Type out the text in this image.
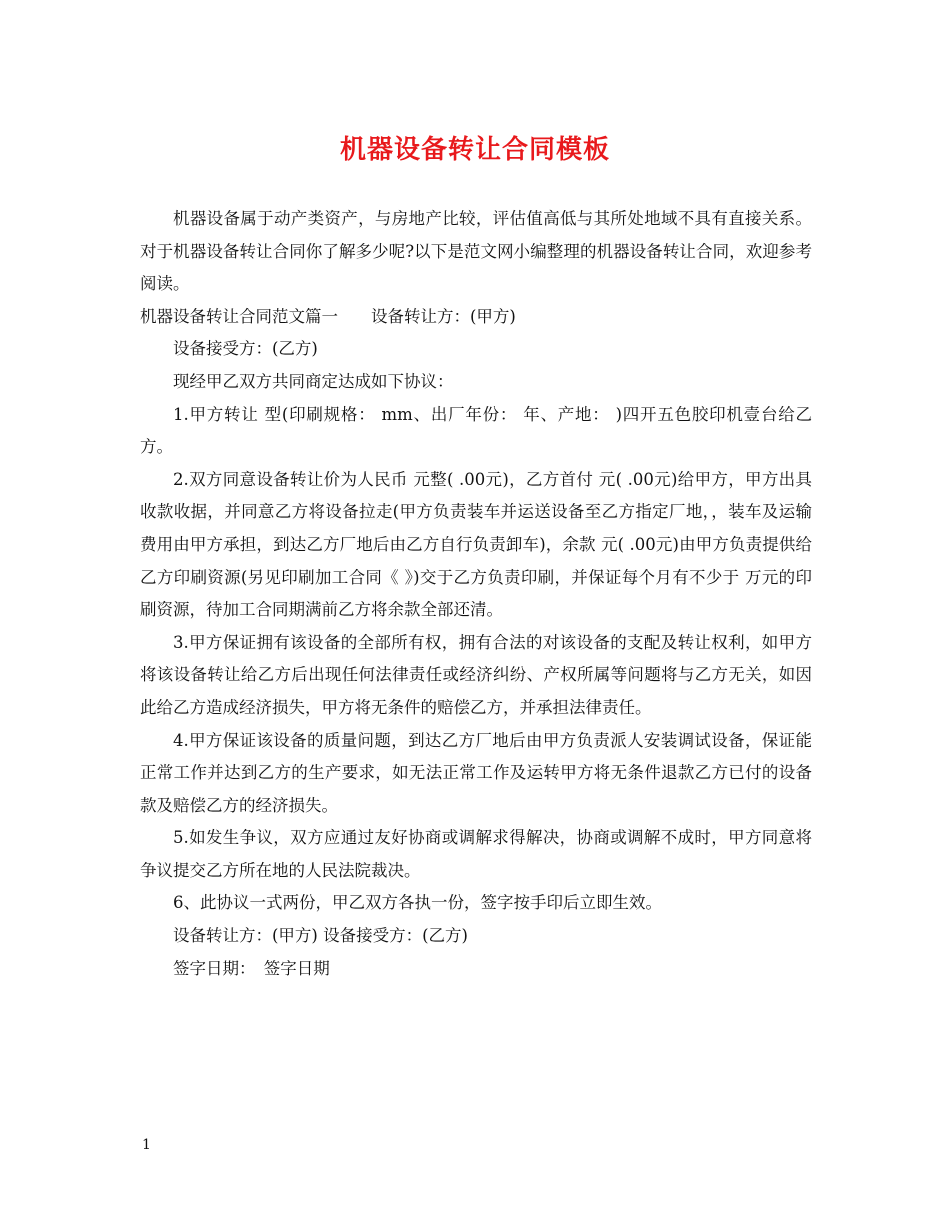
机器设备转让合同模板

机器设备属于动产类资产，与房地产比较，评估值高低与其所处地域不具有直接关系。对于机器设备转让合同你了解多少呢?以下是范文网小编整理的机器设备转让合同，欢迎参考阅读。

机器设备转让合同范文篇一　　设备转让方：(甲方)

设备接受方：(乙方)

现经甲乙双方共同商定达成如下协议：

1.甲方转让 型(印刷规格： mm、出厂年份： 年、产地： )四开五色胶印机壹台给乙方。

2.双方同意设备转让价为人民币 元整( .00元)，乙方首付 元( .00元)给甲方，甲方出具收款收据，并同意乙方将设备拉走(甲方负责装车并运送设备至乙方指定厂地，，装车及运输费用由甲方承担，到达乙方厂地后由乙方自行负责卸车)，余款 元( .00元)由甲方负责提供给乙方印刷资源(另见印刷加工合同《 》)交于乙方负责印刷，并保证每个月有不少于 万元的印刷资源，待加工合同期满前乙方将余款全部还清。

3.甲方保证拥有该设备的全部所有权，拥有合法的对该设备的支配及转让权利，如甲方将该设备转让给乙方后出现任何法律责任或经济纠纷、产权所属等问题将与乙方无关，如因此给乙方造成经济损失，甲方将无条件的赔偿乙方，并承担法律责任。

4.甲方保证该设备的质量问题，到达乙方厂地后由甲方负责派人安装调试设备，保证能正常工作并达到乙方的生产要求，如无法正常工作及运转甲方将无条件退款乙方已付的设备款及赔偿乙方的经济损失。

5.如发生争议，双方应通过友好协商或调解求得解决，协商或调解不成时，甲方同意将争议提交乙方所在地的人民法院裁决。

6、此协议一式两份，甲乙双方各执一份，签字按手印后立即生效。

设备转让方：(甲方) 设备接受方：(乙方)

签字日期：　签字日期

1
